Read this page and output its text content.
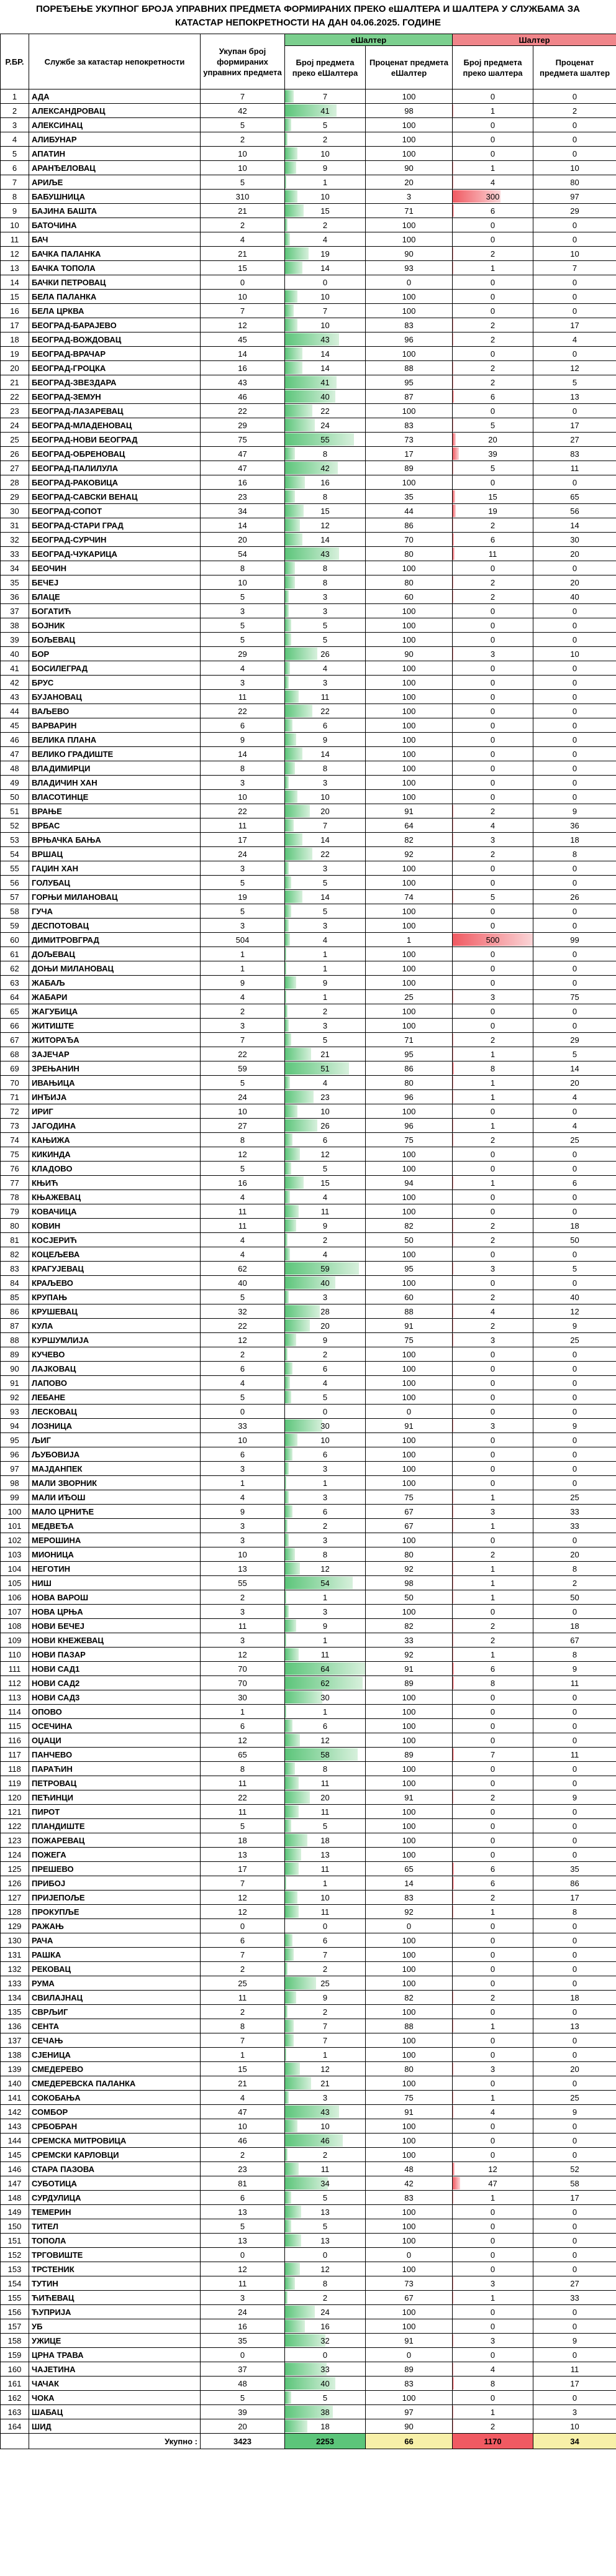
ПОРЕЂЕЊЕ УКУПНОГ БРОЈА УПРАВНИХ ПРЕДМЕТА ФОРМИРАНИХ ПРЕКО еШАЛТЕРА И ШАЛТЕРА У СЛУЖБАМА ЗА КАТАСТАР НЕПОКРЕТНОСТИ НА ДАН 04.06.2025. ГОДИНЕ
Р.БР.	Службе за катастар непокретности	Укупан број формираних управних предмета	еШалтер		Шалтер	
			Број предмета преко еШалтера	Проценат предмета еШалтер	Број предмета преко шалтера	Проценат предмета шалтер
1	АДА	7	7	100	0	0
2	АЛЕКСАНДРОВАЦ	42	41	98	1	2
3	АЛЕКСИНАЦ	5	5	100	0	0
4	АЛИБУНАР	2	2	100	0	0
5	АПАТИН	10	10	100	0	0
6	АРАНЂЕЛОВАЦ	10	9	90	1	10
7	АРИЉЕ	5	1	20	4	80
8	БАБУШНИЦА	310	10	3	300	97
9	БАЈИНА БАШТА	21	15	71	6	29
10	БАТОЧИНА	2	2	100	0	0
11	БАЧ	4	4	100	0	0
12	БАЧКА ПАЛАНКА	21	19	90	2	10
13	БАЧКА ТОПОЛА	15	14	93	1	7
14	БАЧКИ ПЕТРОВАЦ	0	0	0	0	0
15	БЕЛА ПАЛАНКА	10	10	100	0	0
16	БЕЛА ЦРКВА	7	7	100	0	0
17	БЕОГРАД-БАРАЈЕВО	12	10	83	2	17
18	БЕОГРАД-ВОЖДОВАЦ	45	43	96	2	4
19	БЕОГРАД-ВРАЧАР	14	14	100	0	0
20	БЕОГРАД-ГРОЦКА	16	14	88	2	12
21	БЕОГРАД-ЗВЕЗДАРА	43	41	95	2	5
22	БЕОГРАД-ЗЕМУН	46	40	87	6	13
23	БЕОГРАД-ЛАЗАРЕВАЦ	22	22	100	0	0
24	БЕОГРАД-МЛАДЕНОВАЦ	29	24	83	5	17
25	БЕОГРАД-НОВИ БЕОГРАД	75	55	73	20	27
26	БЕОГРАД-ОБРЕНОВАЦ	47	8	17	39	83
27	БЕОГРАД-ПАЛИЛУЛА	47	42	89	5	11
28	БЕОГРАД-РАКОВИЦА	16	16	100	0	0
29	БЕОГРАД-САВСКИ ВЕНАЦ	23	8	35	15	65
30	БЕОГРАД-СОПОТ	34	15	44	19	56
31	БЕОГРАД-СТАРИ ГРАД	14	12	86	2	14
32	БЕОГРАД-СУРЧИН	20	14	70	6	30
33	БЕОГРАД-ЧУКАРИЦА	54	43	80	11	20
34	БЕОЧИН	8	8	100	0	0
35	БЕЧЕЈ	10	8	80	2	20
36	БЛАЦЕ	5	3	60	2	40
37	БОГАТИЋ	3	3	100	0	0
38	БОЈНИК	5	5	100	0	0
39	БОЉЕВАЦ	5	5	100	0	0
40	БОР	29	26	90	3	10
41	БОСИЛЕГРАД	4	4	100	0	0
42	БРУС	3	3	100	0	0
43	БУЈАНОВАЦ	11	11	100	0	0
44	ВАЉЕВО	22	22	100	0	0
45	ВАРВАРИН	6	6	100	0	0
46	ВЕЛИКА ПЛАНА	9	9	100	0	0
47	ВЕЛИКО ГРАДИШТЕ	14	14	100	0	0
48	ВЛАДИМИРЦИ	8	8	100	0	0
49	ВЛАДИЧИН ХАН	3	3	100	0	0
50	ВЛАСОТИНЦЕ	10	10	100	0	0
51	ВРАЊЕ	22	20	91	2	9
52	ВРБАС	11	7	64	4	36
53	ВРЊАЧКА БАЊА	17	14	82	3	18
54	ВРШАЦ	24	22	92	2	8
55	ГАЏИН ХАН	3	3	100	0	0
56	ГОЛУБАЦ	5	5	100	0	0
57	ГОРЊИ МИЛАНОВАЦ	19	14	74	5	26
58	ГУЧА	5	5	100	0	0
59	ДЕСПОТОВАЦ	3	3	100	0	0
60	ДИМИТРОВГРАД	504	4	1	500	99
61	ДОЉЕВАЦ	1	1	100	0	0
62	ДОЊИ МИЛАНОВАЦ	1	1	100	0	0
63	ЖАБАЉ	9	9	100	0	0
64	ЖАБАРИ	4	1	25	3	75
65	ЖАГУБИЦА	2	2	100	0	0
66	ЖИТИШТЕ	3	3	100	0	0
67	ЖИТОРАЂА	7	5	71	2	29
68	ЗАЈЕЧАР	22	21	95	1	5
69	ЗРЕЊАНИН	59	51	86	8	14
70	ИВАЊИЦА	5	4	80	1	20
71	ИНЂИЈА	24	23	96	1	4
72	ИРИГ	10	10	100	0	0
73	ЈАГОДИНА	27	26	96	1	4
74	КАЊИЖА	8	6	75	2	25
75	КИКИНДА	12	12	100	0	0
76	КЛАДОВО	5	5	100	0	0
77	КЊИЋ	16	15	94	1	6
78	КЊАЖЕВАЦ	4	4	100	0	0
79	КОВАЧИЦА	11	11	100	0	0
80	КОВИН	11	9	82	2	18
81	КОСЈЕРИЋ	4	2	50	2	50
82	КОЦЕЉЕВА	4	4	100	0	0
83	КРАГУЈЕВАЦ	62	59	95	3	5
84	КРАЉЕВО	40	40	100	0	0
85	КРУПАЊ	5	3	60	2	40
86	КРУШЕВАЦ	32	28	88	4	12
87	КУЛА	22	20	91	2	9
88	КУРШУМЛИЈА	12	9	75	3	25
89	КУЧЕВО	2	2	100	0	0
90	ЛАЈКОВАЦ	6	6	100	0	0
91	ЛАПОВО	4	4	100	0	0
92	ЛЕБАНЕ	5	5	100	0	0
93	ЛЕСКОВАЦ	0	0	0	0	0
94	ЛОЗНИЦА	33	30	91	3	9
95	ЉИГ	10	10	100	0	0
96	ЉУБОВИЈА	6	6	100	0	0
97	МАЈДАНПЕК	3	3	100	0	0
98	МАЛИ ЗВОРНИК	1	1	100	0	0
99	МАЛИ ИЂОШ	4	3	75	1	25
100	МАЛО ЦРНИЋЕ	9	6	67	3	33
101	МЕДВЕЂА	3	2	67	1	33
102	МЕРОШИНА	3	3	100	0	0
103	МИОНИЦА	10	8	80	2	20
104	НЕГОТИН	13	12	92	1	8
105	НИШ	55	54	98	1	2
106	НОВА ВАРОШ	2	1	50	1	50
107	НОВА ЦРЊА	3	3	100	0	0
108	НОВИ БЕЧЕЈ	11	9	82	2	18
109	НОВИ КНЕЖЕВАЦ	3	1	33	2	67
110	НОВИ ПАЗАР	12	11	92	1	8
111	НОВИ САД1	70	64	91	6	9
112	НОВИ САД2	70	62	89	8	11
113	НОВИ САД3	30	30	100	0	0
114	ОПОВО	1	1	100	0	0
115	ОСЕЧИНА	6	6	100	0	0
116	ОЏАЦИ	12	12	100	0	0
117	ПАНЧЕВО	65	58	89	7	11
118	ПАРАЋИН	8	8	100	0	0
119	ПЕТРОВАЦ	11	11	100	0	0
120	ПЕЋИНЦИ	22	20	91	2	9
121	ПИРОТ	11	11	100	0	0
122	ПЛАНДИШТЕ	5	5	100	0	0
123	ПОЖАРЕВАЦ	18	18	100	0	0
124	ПОЖЕГА	13	13	100	0	0
125	ПРЕШЕВО	17	11	65	6	35
126	ПРИБОЈ	7	1	14	6	86
127	ПРИЈЕПОЉЕ	12	10	83	2	17
128	ПРОКУПЉЕ	12	11	92	1	8
129	РАЖАЊ	0	0	0	0	0
130	РАЧА	6	6	100	0	0
131	РАШКА	7	7	100	0	0
132	РЕКОВАЦ	2	2	100	0	0
133	РУМА	25	25	100	0	0
134	СВИЛАЈНАЦ	11	9	82	2	18
135	СВРЉИГ	2	2	100	0	0
136	СЕНТА	8	7	88	1	13
137	СЕЧАЊ	7	7	100	0	0
138	СЈЕНИЦА	1	1	100	0	0
139	СМЕДЕРЕВО	15	12	80	3	20
140	СМЕДЕРЕВСКА ПАЛАНКА	21	21	100	0	0
141	СОКОБАЊА	4	3	75	1	25
142	СОМБОР	47	43	91	4	9
143	СРБОБРАН	10	10	100	0	0
144	СРЕМСКА МИТРОВИЦА	46	46	100	0	0
145	СРЕМСКИ КАРЛОВЦИ	2	2	100	0	0
146	СТАРА ПАЗОВА	23	11	48	12	52
147	СУБОТИЦА	81	34	42	47	58
148	СУРДУЛИЦА	6	5	83	1	17
149	ТЕМЕРИН	13	13	100	0	0
150	ТИТЕЛ	5	5	100	0	0
151	ТОПОЛА	13	13	100	0	0
152	ТРГОВИШТЕ	0	0	0	0	0
153	ТРСТЕНИК	12	12	100	0	0
154	ТУТИН	11	8	73	3	27
155	ЋИЋЕВАЦ	3	2	67	1	33
156	ЋУПРИЈА	24	24	100	0	0
157	УБ	16	16	100	0	0
158	УЖИЦЕ	35	32	91	3	9
159	ЦРНА ТРАВА	0	0	0	0	0
160	ЧАЈЕТИНА	37	33	89	4	11
161	ЧАЧАК	48	40	83	8	17
162	ЧОКА	5	5	100	0	0
163	ШАБАЦ	39	38	97	1	3
164	ШИД	20	18	90	2	10
	Укупно :	3423	2253	66	1170	34
